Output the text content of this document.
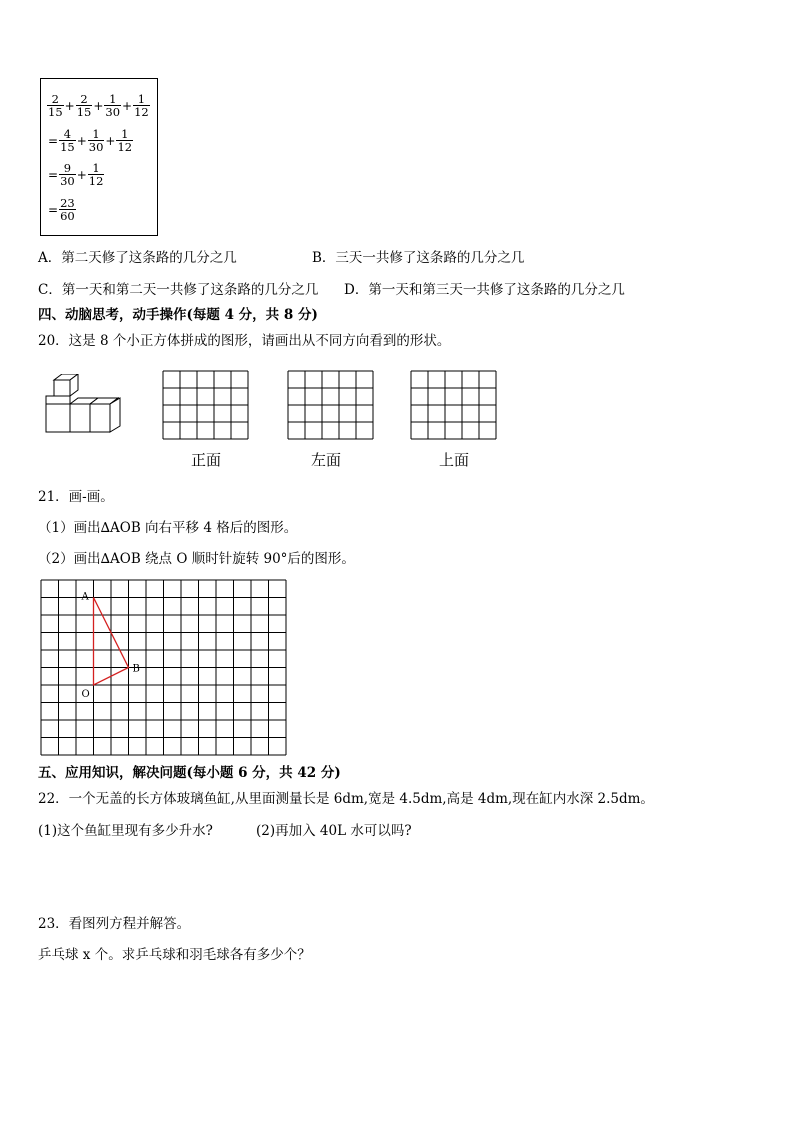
$\frac{2}{15} + \frac{2}{15} + \frac{1}{30} + \frac{1}{12}$
= $\frac{4}{15} + \frac{1}{30} + \frac{1}{12}$
= $\frac{9}{30} + \frac{1}{12}$
= $\frac{23}{60}$
A．第二天修了这条路的几分之几	B．三天一共修了这条路的几分之几
C．第一天和第二天一共修了这条路的几分之几 D．第一天和第三天一共修了这条路的几分之几
四、动脑思考，动手操作(每题 4 分，共 8 分)
20．这是 8 个小正方体拼成的图形，请画出从不同方向看到的形状。
正面	左面	上面
21．画-画。
（1）画出∆AOB 向右平移 4 格后的图形。
（2）画出∆AOB 绕点 O 顺时针旋转 90°后的图形。
A
B
O
五、应用知识，解决问题(每小题 6 分，共 42 分)
22．一个无盖的长方体玻璃鱼缸,从里面测量长是 6dm,宽是 4.5dm,高是 4dm,现在缸内水深 2.5dm。
(1)这个鱼缸里现有多少升水?	(2)再加入 40L 水可以吗?
23．看图列方程并解答。
乒乓球 x 个。求乒乓球和羽毛球各有多少个？
